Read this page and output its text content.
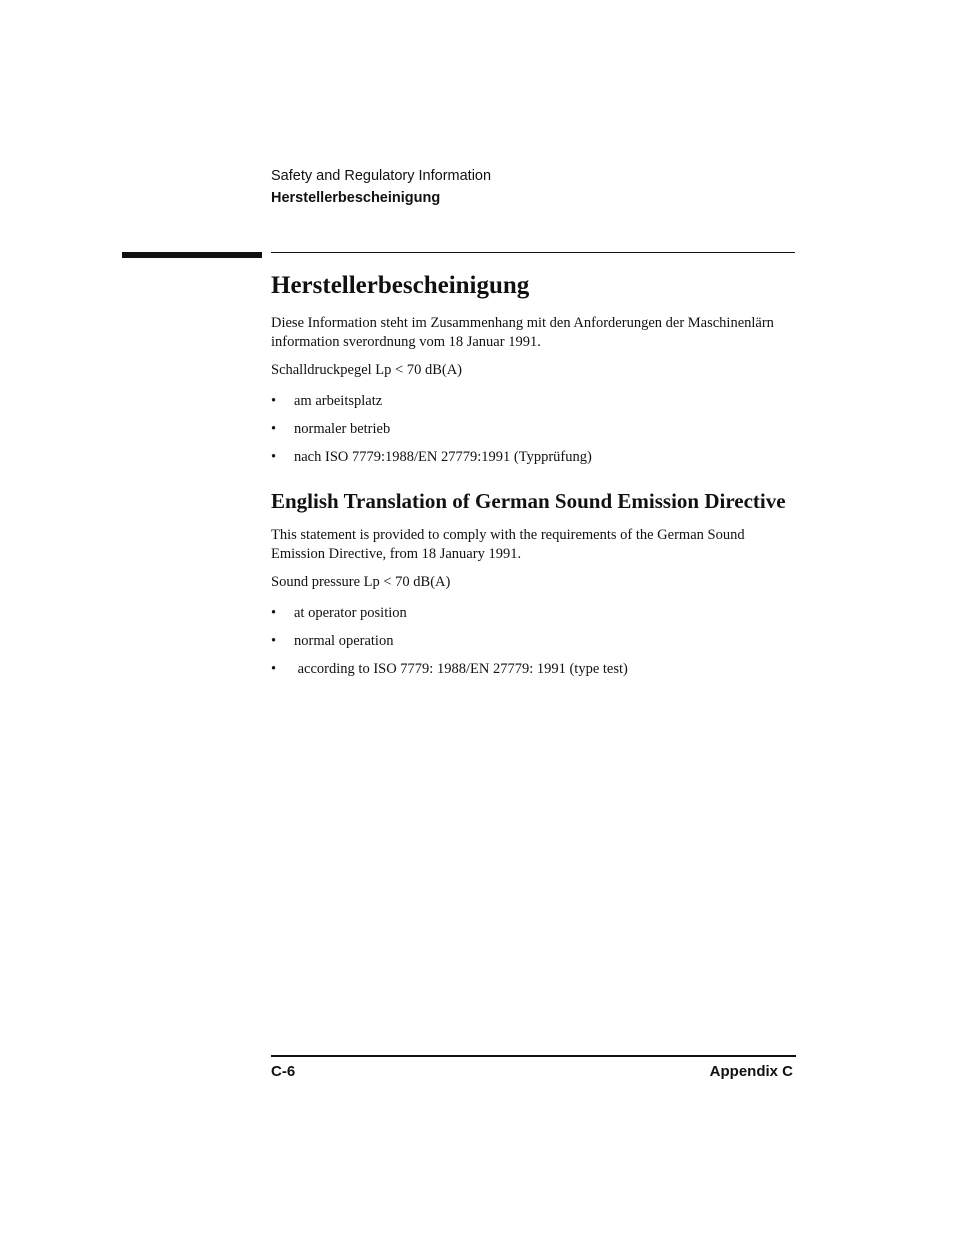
Safety and Regulatory Information
Herstellerbescheinigung
Herstellerbescheinigung

Diese Information steht im Zusammenhang mit den Anforderungen der Maschinenlärn information sverordnung vom 18 Januar 1991.

Schalldruckpegel Lp < 70 dB(A)

• am arbeitsplatz
• normaler betrieb
• nach ISO 7779:1988/EN 27779:1991 (Typprüfung)
English Translation of German Sound Emission Directive

This statement is provided to comply with the requirements of the German Sound Emission Directive, from 18 January 1991.

Sound pressure Lp < 70 dB(A)

• at operator position
• normal operation
• according to ISO 7779: 1988/EN 27779: 1991 (type test)
C-6	Appendix C
